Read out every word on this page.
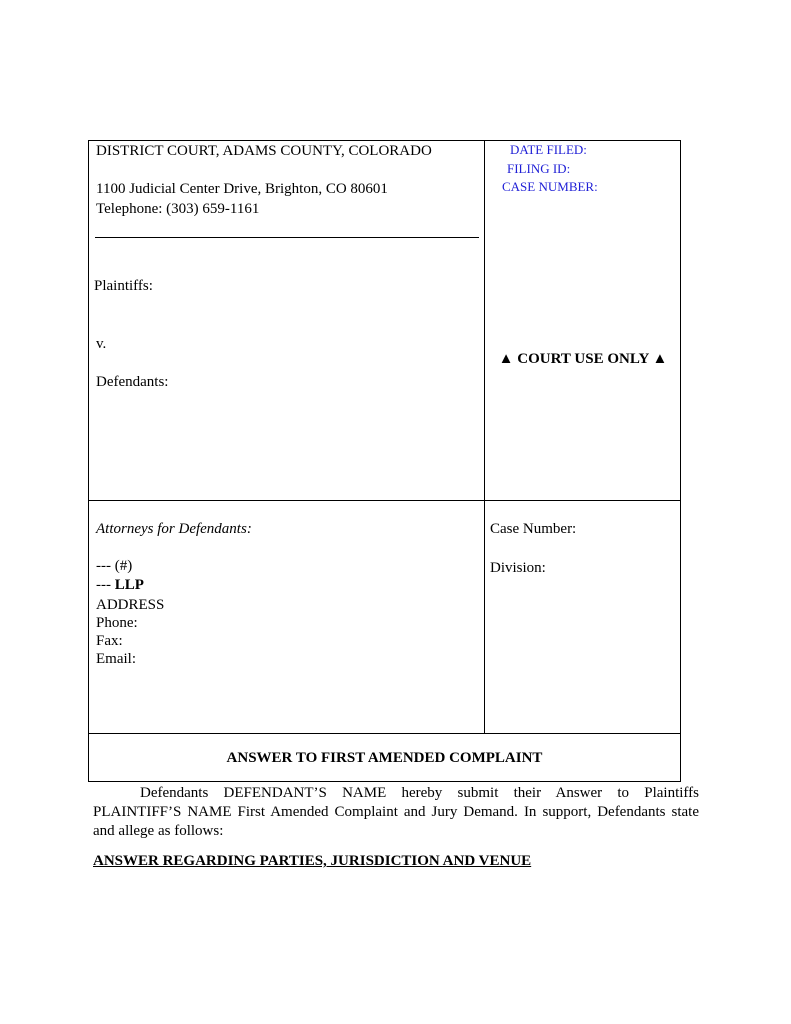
DISTRICT COURT, ADAMS COUNTY, COLORADO
1100 Judicial Center Drive, Brighton, CO 80601
Telephone: (303) 659-1161
Plaintiffs:
v.
Defendants:
DATE FILED:
FILING ID:
CASE NUMBER:
▲ COURT USE ONLY ▲
Attorneys for Defendants:
--- (#)
--- LLP
ADDRESS
Phone:
Fax:
Email:
Case Number:
Division:
ANSWER TO FIRST AMENDED COMPLAINT
Defendants DEFENDANT’S NAME hereby submit their Answer to Plaintiffs PLAINTIFF’S NAME First Amended Complaint and Jury Demand. In support, Defendants state and allege as follows:
ANSWER REGARDING PARTIES, JURISDICTION AND VENUE
